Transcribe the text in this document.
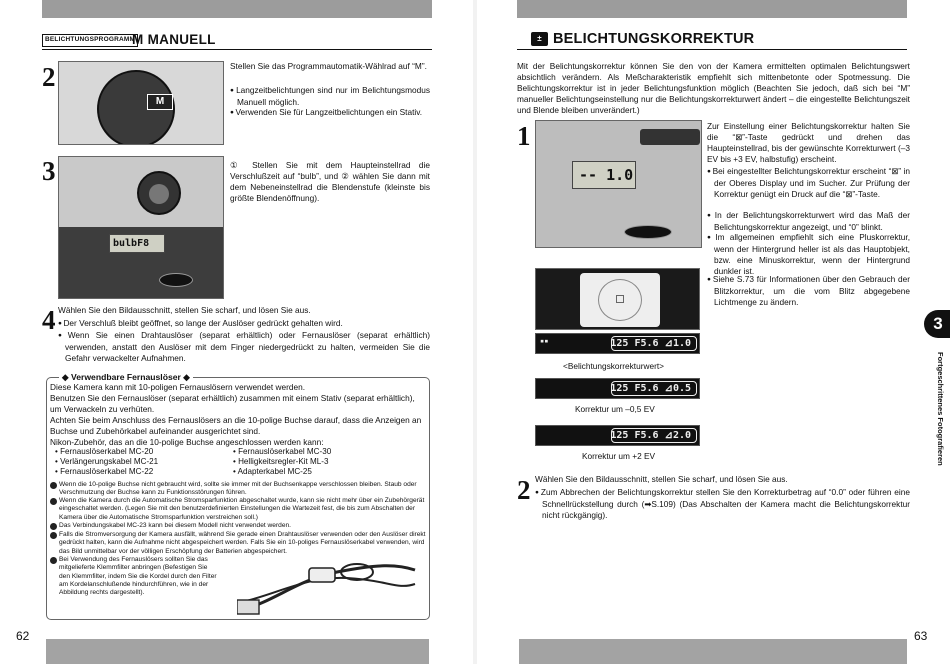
BELICHTUNGSPROGRAMM
M MANUELL
2
M
Stellen Sie das Programmautomatik-Wählrad auf “M”.
● Langzeitbelichtungen sind nur im Belichtungsmodus Manuell möglich.
● Verwenden Sie für Langzeitbelichtungen ein Stativ.
3
bulbF8
① Stellen Sie mit dem Haupteinstellrad die Verschlußzeit auf “bulb”, und ② wählen Sie dann mit dem Nebeneinstellrad die Blendenstufe (kleinste bis größte Blendenöffnung).
4 Wählen Sie den Bildausschnitt, stellen Sie scharf, und lösen Sie aus.
● Der Verschluß bleibt geöffnet, so lange der Auslöser gedrückt gehalten wird.
● Wenn Sie einen Drahtauslöser (separat erhältlich) oder Fernauslöser (separat erhältlich) verwenden, anstatt den Auslöser mit dem Finger niedergedrückt zu halten, vermeiden Sie die Gefahr verwackelter Aufnahmen.
◆ Verwendbare Fernauslöser ◆
Diese Kamera kann mit 10-poligen Fernauslösern verwendet werden.
Benutzen Sie den Fernauslöser (separat erhältlich) zusammen mit einem Stativ (separat erhältlich), um Verwackeln zu verhüten.
Achten Sie beim Anschluss des Fernauslösers an die 10-polige Buchse darauf, dass die Anzeigen an Buchse und Zubehörkabel aufeinander ausgerichtet sind.
Nikon-Zubehör, das an die 10-polige Buchse angeschlossen werden kann:
• Fernauslöserkabel MC-20
• Verlängerungskabel MC-21
• Fernauslöserkabel MC-22
• Fernauslöserkabel MC-30
• Helligkeitsregler-Kit ML-3
• Adapterkabel MC-25
Wenn die 10-polige Buchse nicht gebraucht wird, sollte sie immer mit der Buchsenkappe verschlossen bleiben. Staub oder Verschmutzung der Buchse kann zu Funktionsstörungen führen.
Wenn die Kamera durch die Automatische Stromsparfunktion abgeschaltet wurde, kann sie nicht mehr über ein Zubehörgerät eingeschaltet werden. (Legen Sie mit den benutzerdefinierten Einstellungen die Wartezeit fest, die bis zum Abschalten der Kamera über die Automatische Stromsparfunktion verstreichen soll.)
Das Verbindungskabel MC-23 kann bei diesem Modell nicht verwendet werden.
Falls die Stromversorgung der Kamera ausfällt, während Sie gerade einen Drahtauslöser verwenden oder den Auslöser direkt gedrückt halten, kann die Aufnahme nicht abgespeichert werden. Falls Sie ein 10-poliges Fernauslöserkabel verwenden, wird das Bild unmittelbar vor der völligen Erschöpfung der Batterien abgespeichert.
Bei Verwendung des Fernauslösers sollten Sie das mitgelieferte Klemmfilter anbringen (Befestigen Sie den Klemmfilter, indem Sie die Kordel durch den Filter am Kordelanschlußende hindurchführen, wie in der Abbildung rechts dargestellt).
62
± BELICHTUNGSKORREKTUR
Mit der Belichtungskorrektur können Sie den von der Kamera ermittelten optimalen Belichtungswert absichtlich verändern. Als Meßcharakteristik empfiehlt sich mittenbetonte oder Spotmessung. Die Belichtungskorrektur ist in jeder Belichtungsfunktion möglich (Beachten Sie jedoch, daß sich bei “M” manueller Belichtungseinstellung nur die Belichtungskorrekturwert ändert – die eingestellte Belichtungszeit und Blende bleiben unverändert.)
1
-- 1.0
Zur Einstellung einer Belichtungskorrektur halten Sie die “⊠”-Taste gedrückt und drehen das Haupteinstellrad, bis der gewünschte Korrekturwert (–3 EV bis +3 EV, halbstufig) erscheint.
● Bei eingestellter Belichtungskorrektur erscheint “⊠” in der Oberes Display und im Sucher. Zur Prüfung der Korrektur genügt ein Druck auf die “⊠”-Taste.
● In der Belichtungskorrekturwert wird das Maß der Belichtungskorrektur angezeigt, und “0” blinkt.
● Im allgemeinen empfiehlt sich eine Pluskorrektur, wenn der Hintergrund heller ist als das Hauptobjekt, bzw. eine Minuskorrektur, wenn der Hintergrund dunkler ist.
● Siehe S.73 für Informationen über den Gebrauch der Blitzkorrektur, um die vom Blitz abgegebene Lichtmenge zu ändern.
▪▪	125 F5.6 ⊿1.0
<Belichtungskorrekturwert>
125 F5.6 ⊿0.5
Korrektur um –0,5 EV
125 F5.6 ⊿2.0
Korrektur um +2 EV
2 Wählen Sie den Bildausschnitt, stellen Sie scharf, und lösen Sie aus.
● Zum Abbrechen der Belichtungskorrektur stellen Sie den Korrekturbetrag auf “0.0” oder führen eine Schnellrückstellung durch (➡S.109) (Das Abschalten der Kamera macht die Belichtungskorrektur nicht rückgängig).
3
Fortgeschrittenes Fotografieren
63
